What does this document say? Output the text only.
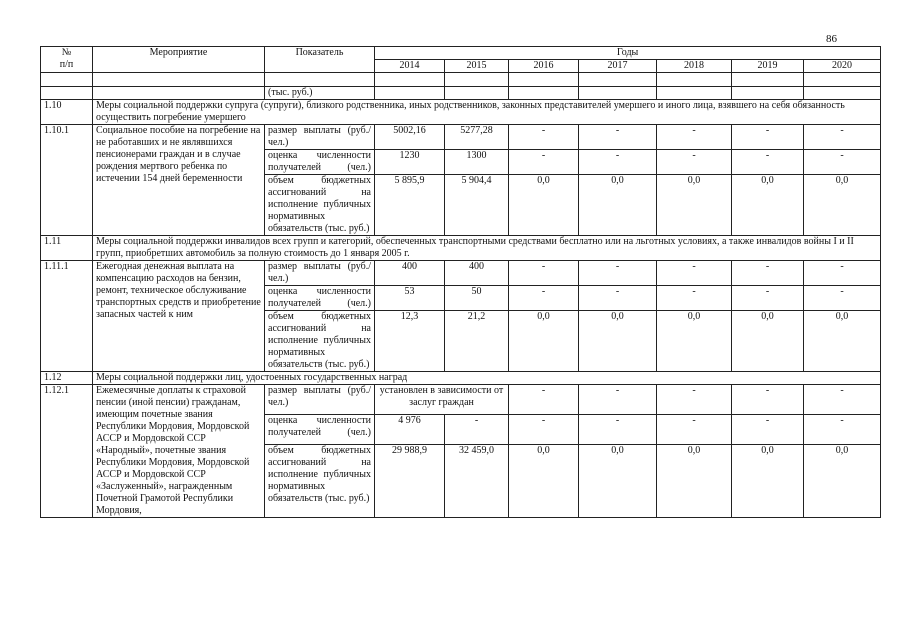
86
№
п/п	Мероприятие	Показатель	Годы						
			2014	2015	2016	2017	2018	2019	2020

		(тыс. руб.)							
1.10	Меры социальной поддержки супруга (супруги), близкого родственника, иных родственников, законных представителей умершего и иного лица, взявшего на себя обязанность осуществить погребение умершего								
1.10.1	Социальное пособие на погребение на не работавших и не являвшихся пенсионерами граждан и в случае рождения мертвого ребенка по истечении 154 дней беременности	размер выплаты (руб./ чел.)	5002,16	5277,28	-	-	-	-	-
		оценка численности получателей (чел.)	1230	1300	-	-	-	-	-
		объем бюджетных ассигнований на исполнение публичных нормативных обязательств (тыс. руб.)	5 895,9	5 904,4	0,0	0,0	0,0	0,0	0,0
1.11	Меры социальной поддержки инвалидов всех групп и категорий, обеспеченных транспортными средствами бесплатно или на льготных условиях, а также инвалидов войны I и II групп, приобретших автомобиль за полную стоимость до 1 января 2005 г.								
1.11.1	Ежегодная денежная выплата на компенсацию расходов на бензин, ремонт, техническое обслуживание транспортных средств и приобретение запасных частей к ним	размер выплаты (руб./ чел.)	400	400	-	-	-	-	-
		оценка численности получателей (чел.)	53	50	-	-	-	-	-
		объем бюджетных ассигнований на исполнение публичных нормативных обязательств (тыс. руб.)	12,3	21,2	0,0	0,0	0,0	0,0	0,0
1.12	Меры социальной поддержки лиц, удостоенных государственных наград								
1.12.1	Ежемесячные доплаты к страховой пенсии (иной пенсии) гражданам, имеющим почетные звания Республики Мордовия, Мордовской АССР и Мордовской ССР «Народный», почетные звания Республики Мордовия, Мордовской АССР и Мордовской ССР «Заслуженный», награжденным Почетной Грамотой Республики Мордовия,	размер выплаты (руб./ чел.)	установлен в зависимости от заслуг граждан		-	-	-	-	-
		оценка численности получателей (чел.)	4 976	-	-	-	-	-	-
		объем бюджетных ассигнований на исполнение публичных нормативных обязательств (тыс. руб.)	29 988,9	32 459,0	0,0	0,0	0,0	0,0	0,0
